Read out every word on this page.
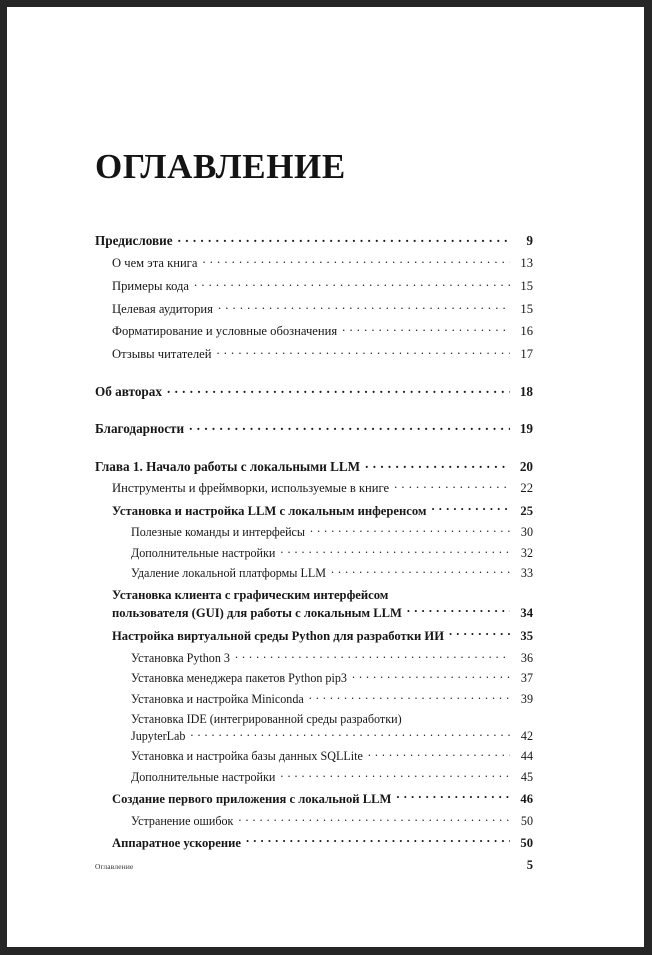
ОГЛАВЛЕНИЕ
Предисловие . . .	9
О чем эта книга . . .	13
Примеры кода . . .	15
Целевая аудитория . . .	15
Форматирование и условные обозначения . . .	16
Отзывы читателей . . .	17
Об авторах . . .	18
Благодарности . . .	19
Глава 1. Начало работы с локальными LLM . . .	20
Инструменты и фреймворки, используемые в книге . . .	22
Установка и настройка LLM с локальным инференсом . . .	25
Полезные команды и интерфейсы . . .	30
Дополнительные настройки . . .	32
Удаление локальной платформы LLM . . .	33
Установка клиента с графическим интерфейсом
пользователя (GUI) для работы с локальным LLM . . .	34
Настройка виртуальной среды Python для разработки ИИ . . .	35
Установка Python 3 . . .	36
Установка менеджера пакетов Python pip3 . . .	37
Установка и настройка Miniconda . . .	39
Установка IDE (интегрированной среды разработки)
JupyterLab . . .	42
Установка и настройка базы данных SQLLite . . .	44
Дополнительные настройки . . .	45
Создание первого приложения с локальной LLM . . .	46
Устранение ошибок . . .	50
Аппаратное ускорение . . .	50
Оглавление	5
